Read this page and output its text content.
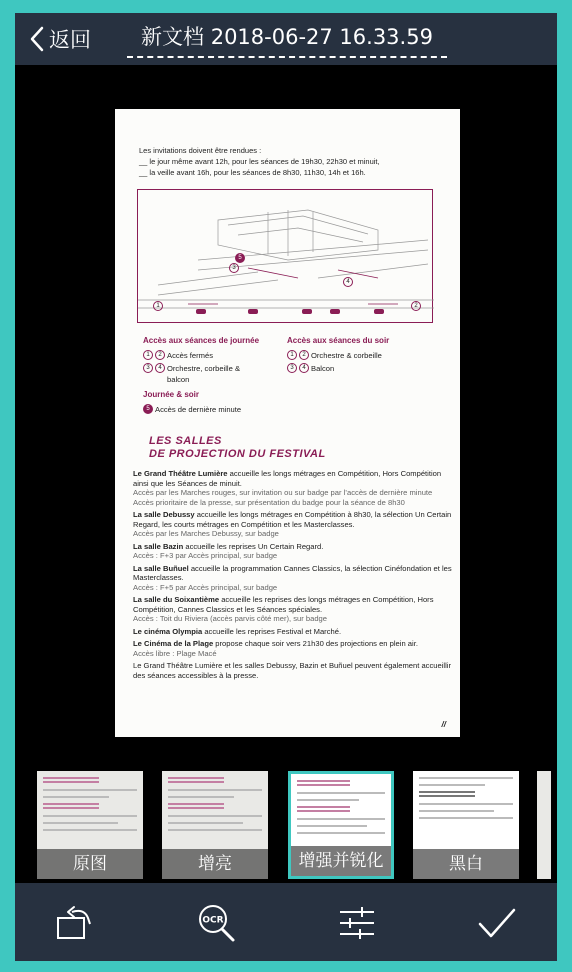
返回	新文档 2018-06-27 16.33.59
Les invitations doivent être rendues :
__ le jour même avant 12h, pour les séances de 19h30, 22h30 et minuit,
__ la veille avant 16h, pour les séances de 8h30, 11h30, 14h et 16h.
1	2
3
4
5
Accès aux séances de journée
1	2 Accès fermés
3	4 Orchestre, corbeille & balcon
Journée & soir
5 Accès de dernière minute
Accès aux séances du soir
1	2 Orchestre & corbeille
3	4 Balcon
LES SALLES
DE PROJECTION DU FESTIVAL

Le Grand Théâtre Lumière accueille les longs métrages en Compétition, Hors Compétition ainsi que les Séances de minuit.
Accès par les Marches rouges, sur invitation ou sur badge par l’accès de dernière minute Accès prioritaire de la presse, sur présentation du badge pour la séance de 8h30

La salle Debussy accueille les longs métrages en Compétition à 8h30, la sélection Un Certain Regard, les courts métrages en Compétition et les Masterclasses.
Accès par les Marches Debussy, sur badge

La salle Bazin accueille les reprises Un Certain Regard.
Accès : F+3 par Accès principal, sur badge

La salle Buñuel accueille la programmation Cannes Classics, la sélection Cinéfondation et les Masterclasses.
Accès : F+5 par Accès principal, sur badge

La salle du Soixantième accueille les reprises des longs métrages en Compétition, Hors Compétition, Cannes Classics et les Séances spéciales.
Accès : Toit du Riviera (accès parvis côté mer), sur badge

Le cinéma Olympia accueille les reprises Festival et Marché.

Le Cinéma de la Plage propose chaque soir vers 21h30 des projections en plein air.
Accès libre : Plage Macé

Le Grand Théâtre Lumière et les salles Debussy, Bazin et Buñuel peuvent également accueillir des séances accessibles à la presse.

//
原图	增亮	增强并锐化	黑白
OCR
